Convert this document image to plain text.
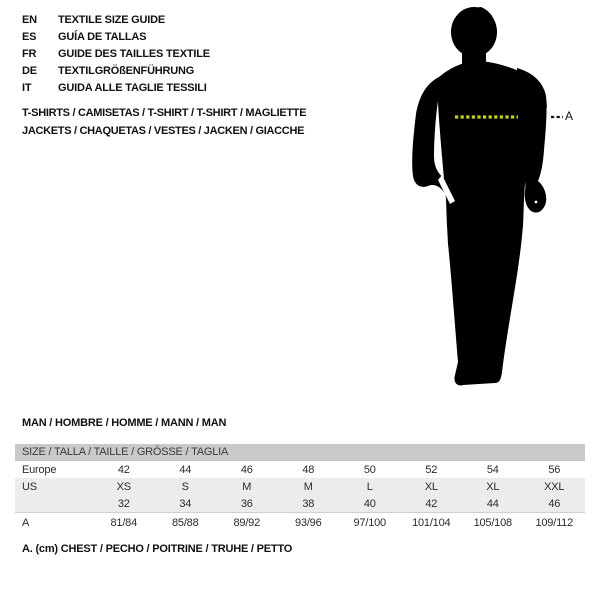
EN TEXTILE SIZE GUIDE
ES GUÍA DE TALLAS
FR GUIDE DES TAILLES TEXTILE
DE TEXTILGRÖßENFÜHRUNG
IT GUIDA ALLE TAGLIE TESSILI
T-SHIRTS / CAMISETAS / T-SHIRT / T-SHIRT / MAGLIETTE
JACKETS / CHAQUETAS / VESTES / JACKEN / GIACCHE
A
MAN / HOMBRE / HOMME / MANN / MAN
SIZE / TALLA / TAILLE / GRÖSSE / TAGLIA
Europe	42	44	46	48	50	52	54	56
US	XS	S	M	M	L	XL	XL	XXL
	32	34	36	38	40	42	44	46
A	81/84	85/88	89/92	93/96	97/100	101/104	105/108	109/112
A. (cm) CHEST / PECHO / POITRINE / TRUHE / PETTO
